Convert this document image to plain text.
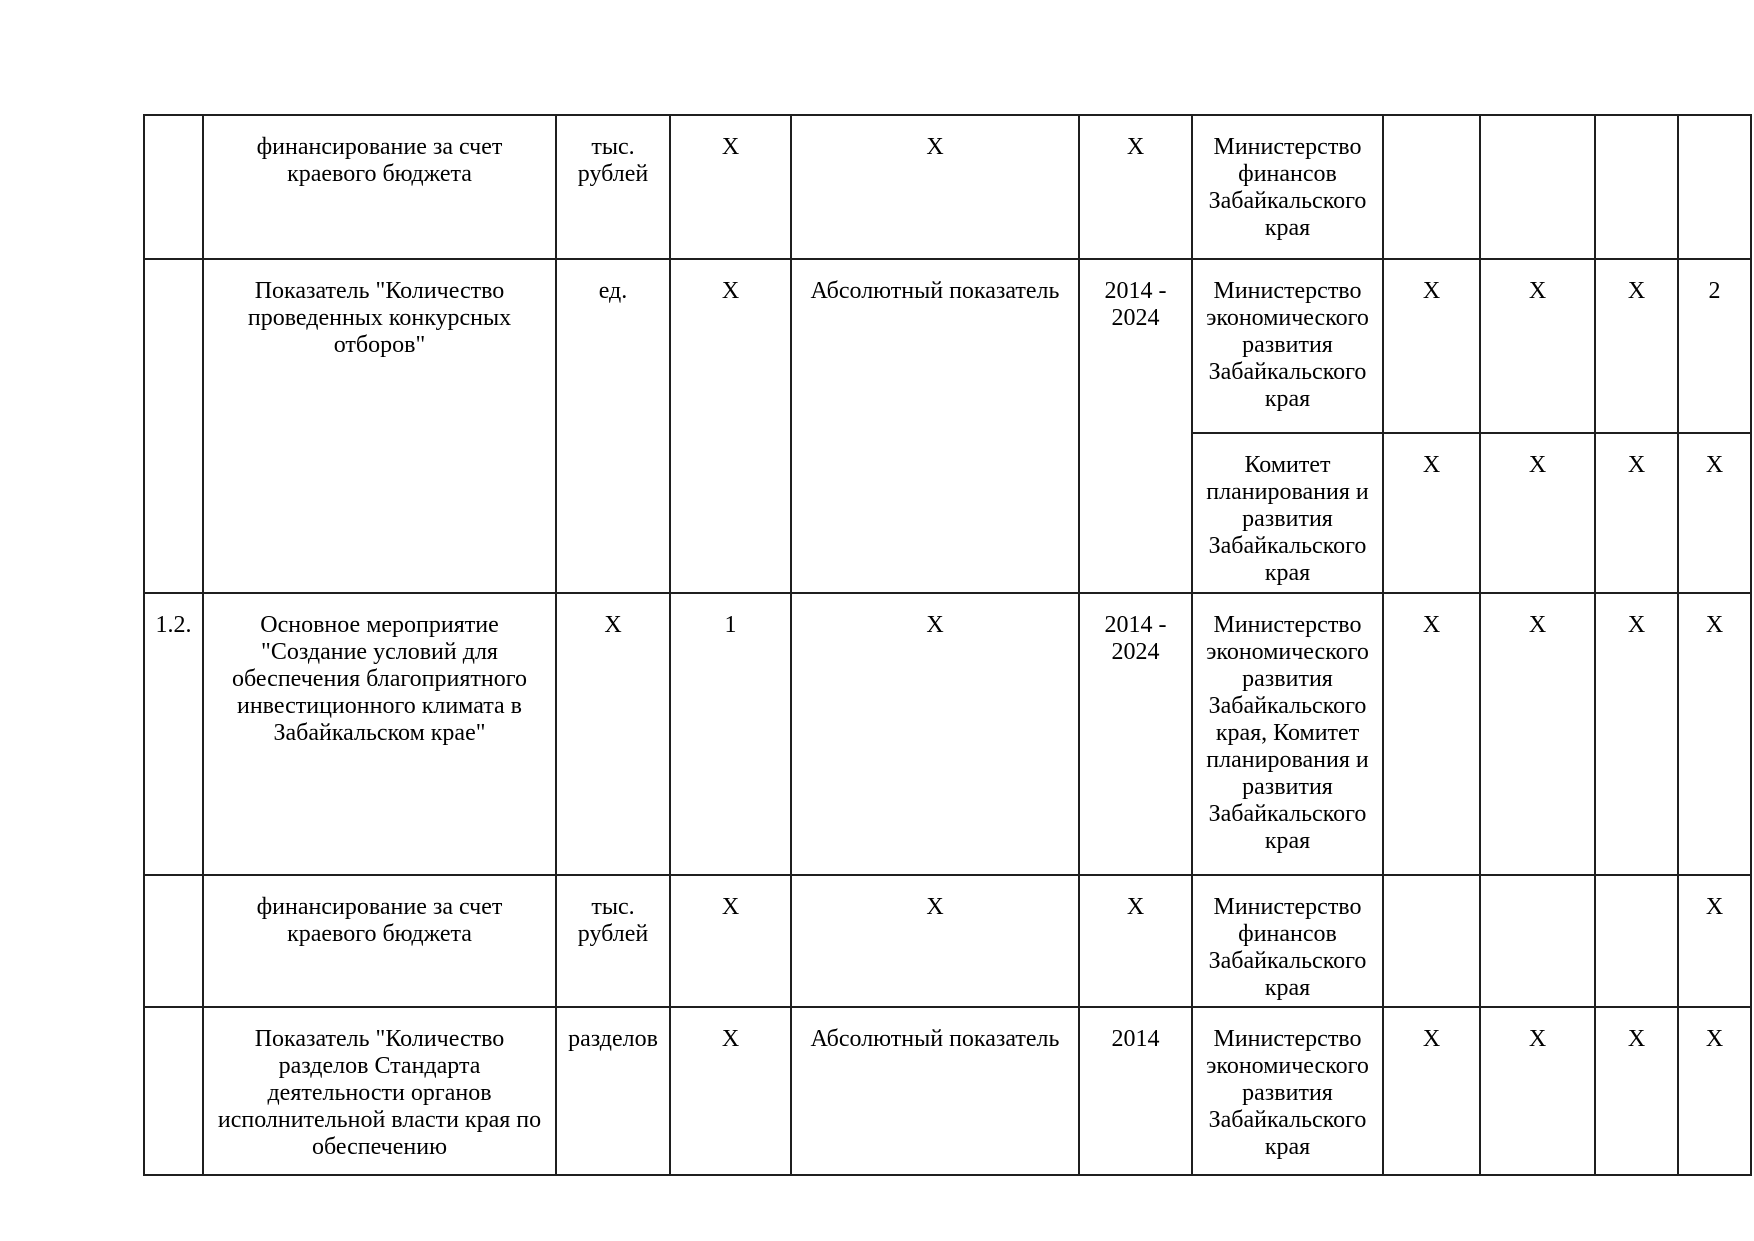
	финансирование за счет краевого бюджета	тыс. рублей	X	X	X	Министерство финансов Забайкальского края				
	Показатель "Количество проведенных конкурсных отборов"	ед.	X	Абсолютный показатель	2014 - 2024	Министерство экономического развития Забайкальского края	X	X	X	2
						Комитет планирования и развития Забайкальского края	X	X	X	X
1.2.	Основное мероприятие "Создание условий для обеспечения благоприятного инвестиционного климата в Забайкальском крае"	X	1	X	2014 - 2024	Министерство экономического развития Забайкальского края, Комитет планирования и развития Забайкальского края	X	X	X	X
	финансирование за счет краевого бюджета	тыс. рублей	X	X	X	Министерство финансов Забайкальского края				X
	Показатель "Количество разделов Стандарта деятельности органов исполнительной власти края по обеспечению	разделов	X	Абсолютный показатель	2014	Министерство экономического развития Забайкальского края	X	X	X	X
